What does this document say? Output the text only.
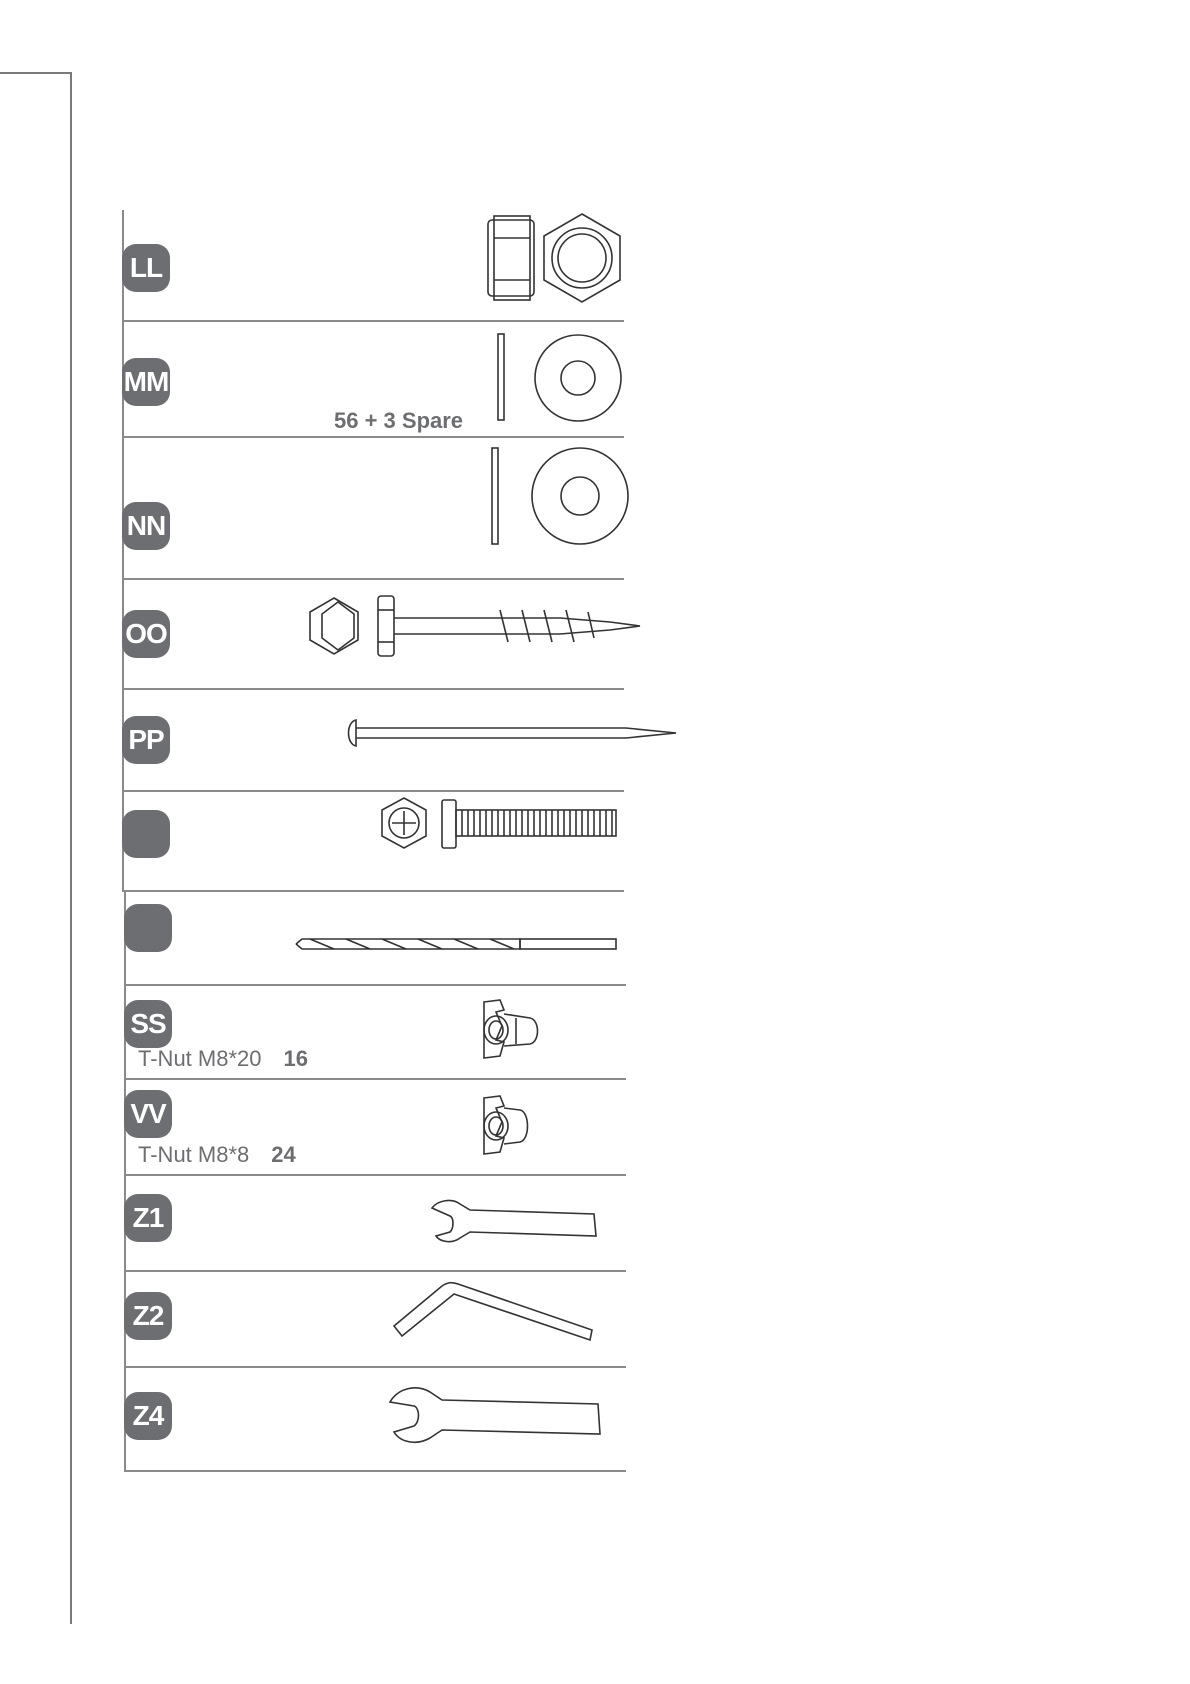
LL
MM
56 + 3 Spare
NN
OO
PP
SS
T-Nut M8*20 16
VV
T-Nut M8*8 24
Z1
Z2
Z4
